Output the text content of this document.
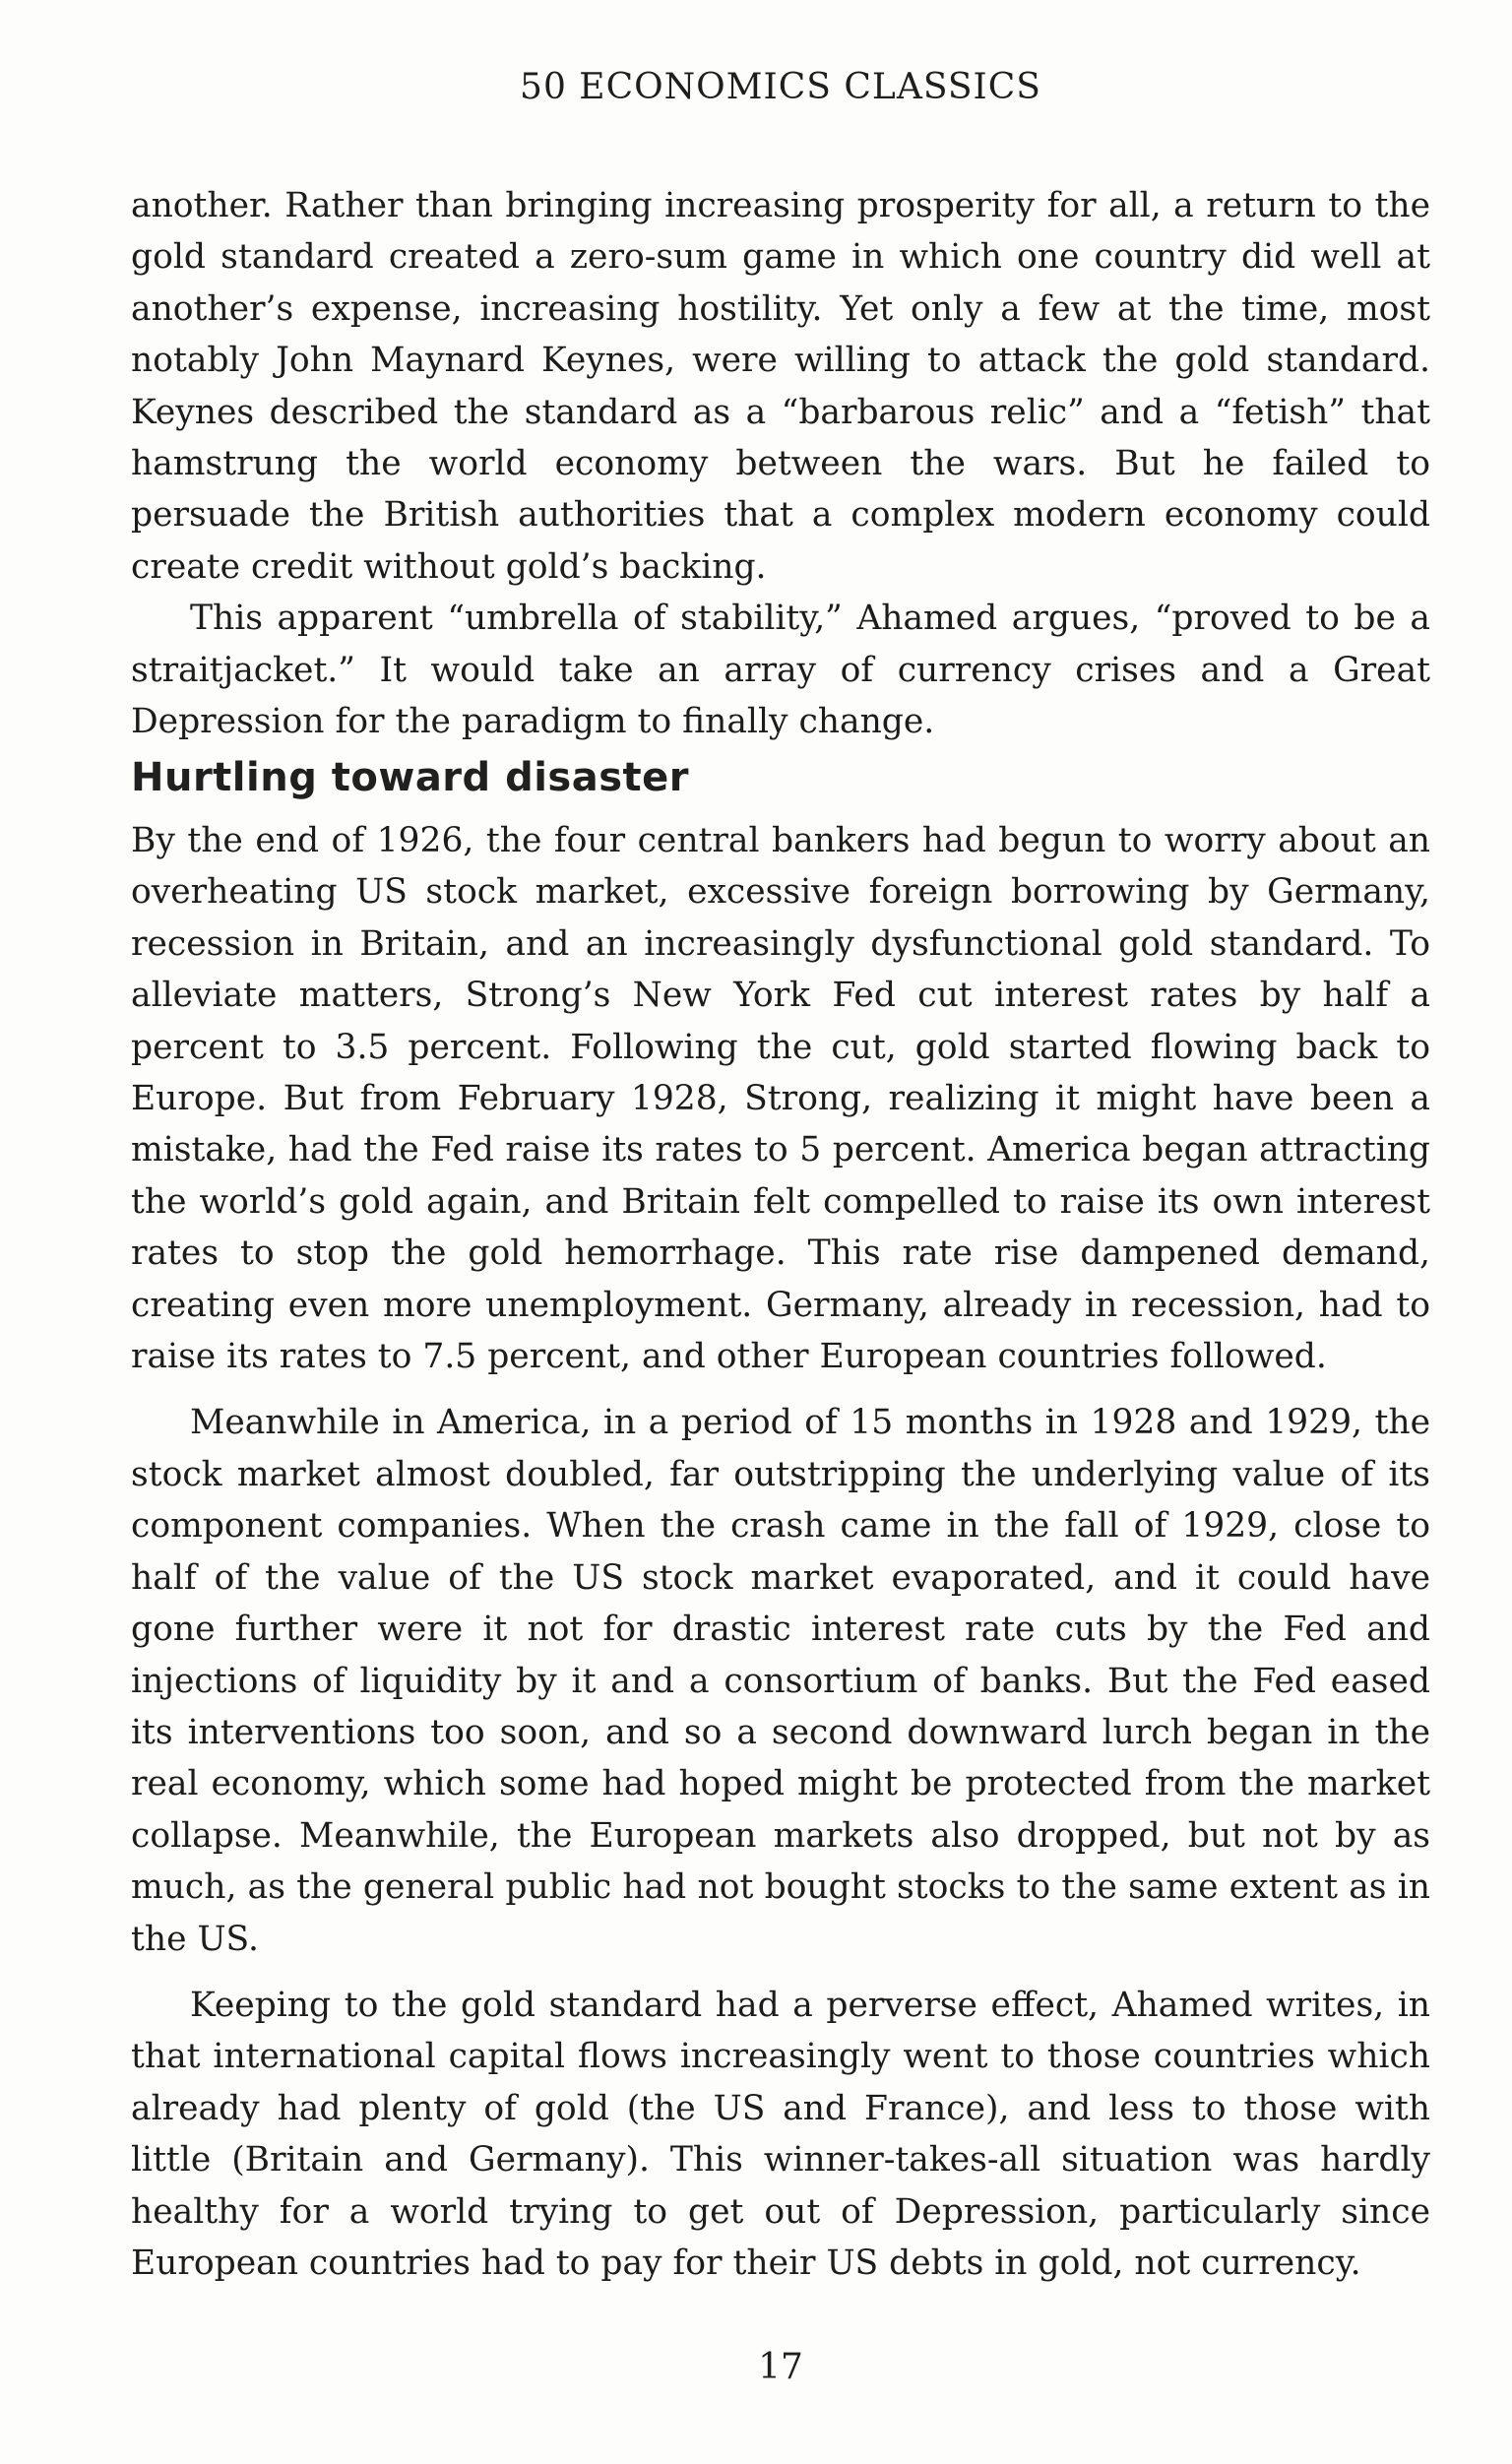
50 ECONOMICS CLASSICS

another. Rather than bringing increasing prosperity for all, a return to the gold standard created a zero-sum game in which one country did well at another’s expense, increasing hostility. Yet only a few at the time, most notably John Maynard Keynes, were willing to attack the gold standard. Keynes described the standard as a “barbarous relic” and a “fetish” that hamstrung the world economy between the wars. But he failed to persuade the British authorities that a complex modern economy could create credit without gold’s backing.

This apparent “umbrella of stability,” Ahamed argues, “proved to be a straitjacket.” It would take an array of currency crises and a Great Depression for the paradigm to finally change.

Hurtling toward disaster

By the end of 1926, the four central bankers had begun to worry about an overheating US stock market, excessive foreign borrowing by Germany, recession in Britain, and an increasingly dysfunctional gold standard. To alleviate matters, Strong’s New York Fed cut interest rates by half a percent to 3.5 percent. Following the cut, gold started flowing back to Europe. But from February 1928, Strong, realizing it might have been a mistake, had the Fed raise its rates to 5 percent. America began attracting the world’s gold again, and Britain felt compelled to raise its own interest rates to stop the gold hemorrhage. This rate rise dampened demand, creating even more unemployment. Germany, already in recession, had to raise its rates to 7.5 percent, and other European countries followed.

Meanwhile in America, in a period of 15 months in 1928 and 1929, the stock market almost doubled, far outstripping the underlying value of its component companies. When the crash came in the fall of 1929, close to half of the value of the US stock market evaporated, and it could have gone further were it not for drastic interest rate cuts by the Fed and injections of liquidity by it and a consortium of banks. But the Fed eased its interventions too soon, and so a second downward lurch began in the real economy, which some had hoped might be protected from the market collapse. Meanwhile, the European markets also dropped, but not by as much, as the general public had not bought stocks to the same extent as in the US.

Keeping to the gold standard had a perverse effect, Ahamed writes, in that international capital flows increasingly went to those countries which already had plenty of gold (the US and France), and less to those with little (Britain and Germany). This winner-takes-all situation was hardly healthy for a world trying to get out of Depression, particularly since European countries had to pay for their US debts in gold, not currency.

17
